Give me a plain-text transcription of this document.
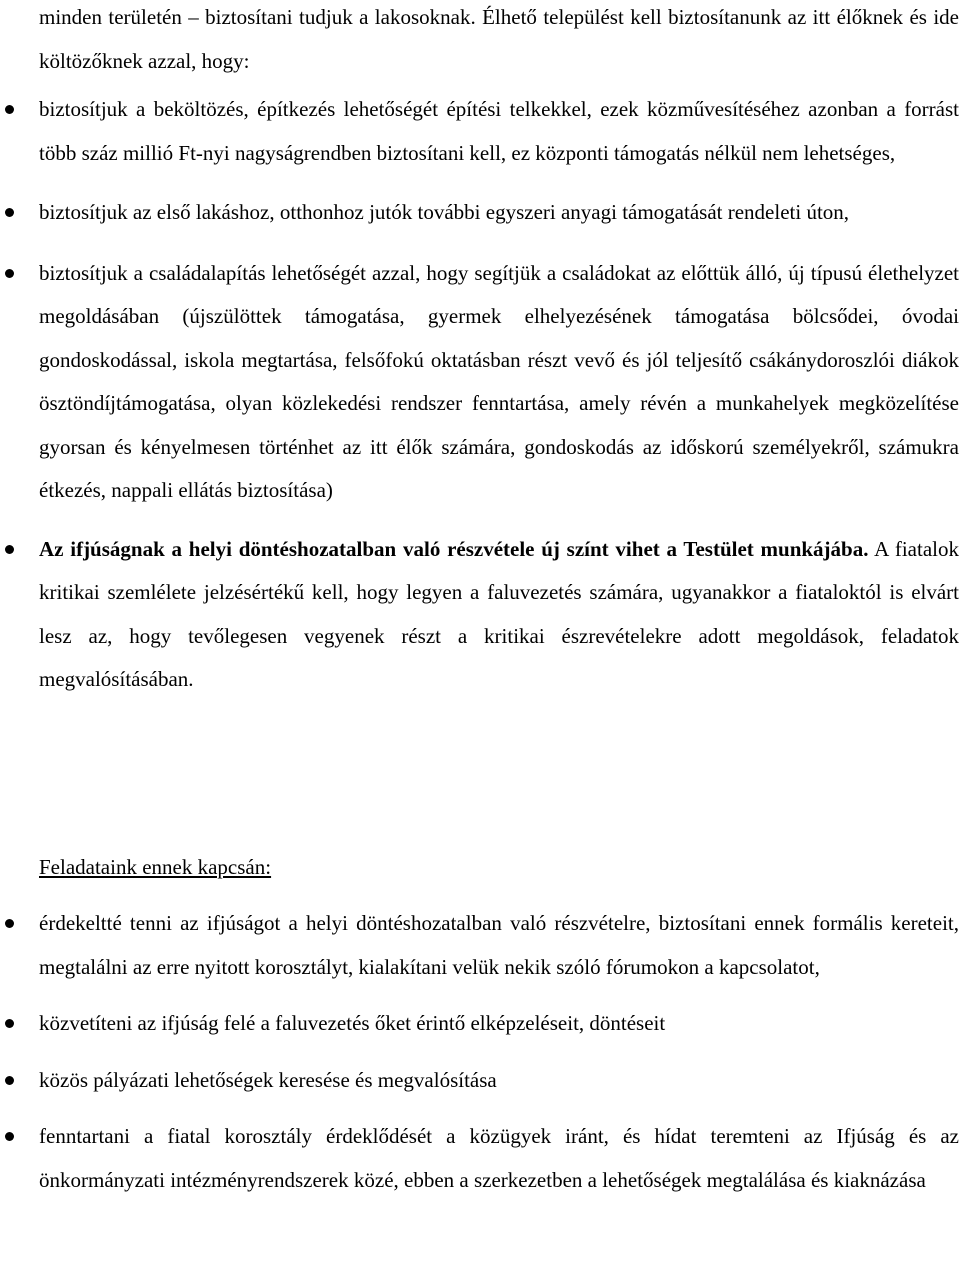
minden területén – biztosítani tudjuk a lakosoknak. Élhető települést kell biztosítanunk az itt élőknek és ide költözőknek azzal, hogy:

biztosítjuk a beköltözés, építkezés lehetőségét építési telkekkel, ezek közművesítéséhez azonban a forrást több száz millió Ft-nyi nagyságrendben biztosítani kell, ez központi támogatás nélkül nem lehetséges,
biztosítjuk az első lakáshoz, otthonhoz jutók további egyszeri anyagi támogatását rendeleti úton,
biztosítjuk a családalapítás lehetőségét azzal, hogy segítjük a családokat az előttük álló, új típusú élethelyzet megoldásában (újszülöttek támogatása, gyermek elhelyezésének támogatása bölcsődei, óvodai gondoskodással, iskola megtartása, felsőfokú oktatásban részt vevő és jól teljesítő csákánydoroszlói diákok ösztöndíjtámogatása, olyan közlekedési rendszer fenntartása, amely révén a munkahelyek megközelítése gyorsan és kényelmesen történhet az itt élők számára, gondoskodás az időskorú személyekről, számukra étkezés, nappali ellátás biztosítása)
Az ifjúságnak a helyi döntéshozatalban való részvétele új színt vihet a Testület munkájába. A fiatalok kritikai szemlélete jelzésértékű kell, hogy legyen a faluvezetés számára, ugyanakkor a fiataloktól is elvárt lesz az, hogy tevőlegesen vegyenek részt a kritikai észrevételekre adott megoldások, feladatok megvalósításában.

Feladataink ennek kapcsán:

érdekeltté tenni az ifjúságot a helyi döntéshozatalban való részvételre, biztosítani ennek formális kereteit, megtalálni az erre nyitott korosztályt, kialakítani velük nekik szóló fórumokon a kapcsolatot,
közvetíteni az ifjúság felé a faluvezetés őket érintő elképzeléseit, döntéseit
közös pályázati lehetőségek keresése és megvalósítása
fenntartani a fiatal korosztály érdeklődését a közügyek iránt, és hídat teremteni az Ifjúság és az önkormányzati intézményrendszerek közé, ebben a szerkezetben a lehetőségek megtalálása és kiaknázása
